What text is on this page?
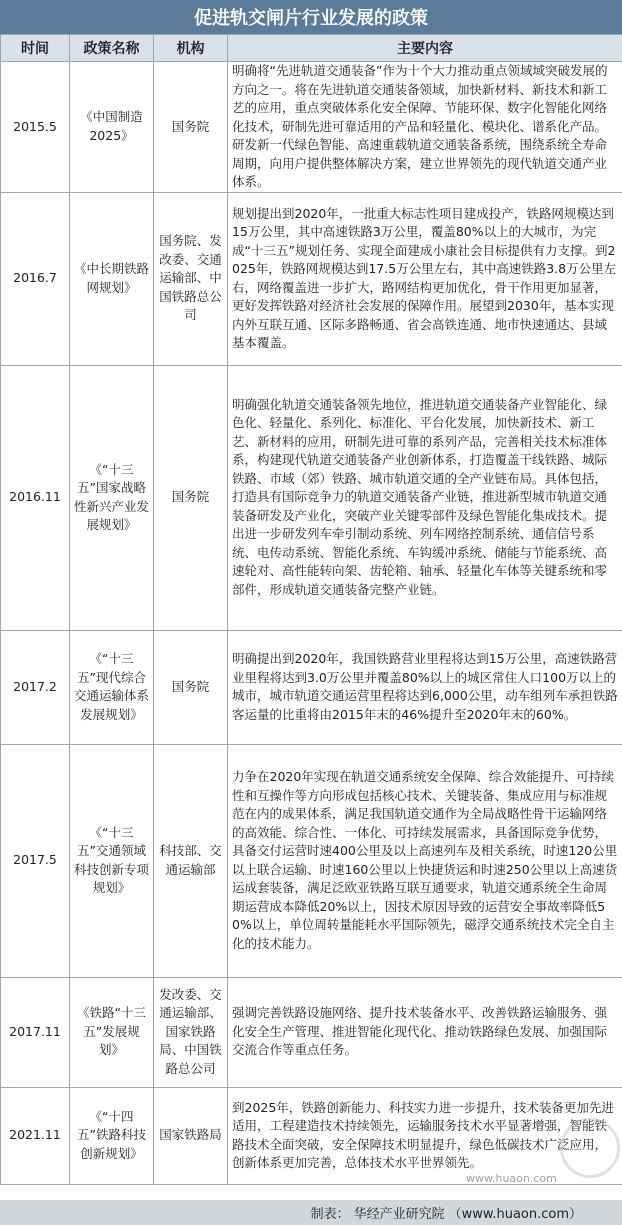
促进轨交闸片行业发展的政策
时间	政策名称	机构	主要内容
2015.5	《中国制造2025》	国务院	明确将“先进轨道交通装备”作为十个大力推动重点领域域突破发展的方向之一。将在先进轨道交通装备领域，加快新材料、新技术和新工艺的应用，重点突破体系化安全保障、节能环保、数字化智能化网络化技术，研制先进可靠适用的产品和轻量化、模块化、谱系化产品。研发新一代绿色智能、高速重载轨道交通装备系统，围绕系统全寿命周期，向用户提供整体解决方案，建立世界领先的现代轨道交通产业体系。
2016.7	《中长期铁路网规划》	国务院、发改委、交通运输部、中国铁路总公司	规划提出到2020年，一批重大标志性项目建成投产，铁路网规模达到15万公里，其中高速铁路3万公里，覆盖80%以上的大城市，为完成“十三五”规划任务、实现全面建成小康社会目标提供有力支撑。到2025年，铁路网规模达到17.5万公里左右，其中高速铁路3.8万公里左右，网络覆盖进一步扩大，路网结构更加优化，骨干作用更加显著，更好发挥铁路对经济社会发展的保障作用。展望到2030年，基本实现内外互联互通、区际多路畅通、省会高铁连通、地市快速通达、县域基本覆盖。
2016.11	《“十三五”国家战略性新兴产业发展规划》	国务院	明确强化轨道交通装备领先地位，推进轨道交通装备产业智能化、绿色化、轻量化、系列化、标准化、平台化发展，加快新技术、新工艺、新材料的应用，研制先进可靠的系列产品，完善相关技术标准体系，构建现代轨道交通装备产业创新体系，打造覆盖干线铁路、城际铁路、市域（郊）铁路、城市轨道交通的全产业链布局。具体包括，打造具有国际竞争力的轨道交通装备产业链，推进新型城市轨道交通装备研发及产业化，突破产业关键零部件及绿色智能化集成技术。提出进一步研发列车牵引制动系统、列车网络控制系统、通信信号系统、电传动系统、智能化系统、车钩缓冲系统、储能与节能系统、高速轮对、高性能转向架、齿轮箱、轴承、轻量化车体等关键系统和零部件，形成轨道交通装备完整产业链。
2017.2	《“十三五”现代综合交通运输体系发展规划》	国务院	明确提出到2020年，我国铁路营业里程将达到15万公里，高速铁路营业里程将达到3.0万公里并覆盖80%以上的城区常住人口100万以上的城市，城市轨道交通运营里程将达到6,000公里，动车组列车承担铁路客运量的比重将由2015年末的46%提升至2020年末的60%。
2017.5	《“十三五”交通领域科技创新专项规划》	科技部、交通运输部	力争在2020年实现在轨道交通系统安全保障、综合效能提升、可持续性和互操作等方向形成包括核心技术、关键装备、集成应用与标准规范在内的成果体系，满足我国轨道交通作为全局战略性骨干运输网络的高效能、综合性、一体化、可持续发展需求，具备国际竞争优势，具备交付运营时速400公里及以上高速列车及相关系统，时速120公里以上联合运输、时速160公里以上快捷货运和时速250公里以上高速货运成套装备，满足泛欧亚铁路互联互通要求，轨道交通系统全生命周期运营成本降低20%以上，因技术原因导致的运营安全事故率降低50%以上，单位周转量能耗水平国际领先，磁浮交通系统技术完全自主化的技术能力。
2017.11	《铁路“十三五”发展规划》	发改委、交通运输部、国家铁路局、中国铁路总公司	强调完善铁路设施网络、提升技术装备水平、改善铁路运输服务、强化安全生产管理、推进智能化现代化、推动铁路绿色发展、加强国际交流合作等重点任务。
2021.11	《“十四五”铁路科技创新规划》	国家铁路局	到2025年，铁路创新能力、科技实力进一步提升，技术装备更加先进适用，工程建造技术持续领先，运输服务技术水平显著增强，智能铁路技术全面突破，安全保障技术明显提升，绿色低碳技术广泛应用，创新体系更加完善，总体技术水平世界领先。
www.huaon.com
制表： 华经产业研究院 （www.huaon.com）
